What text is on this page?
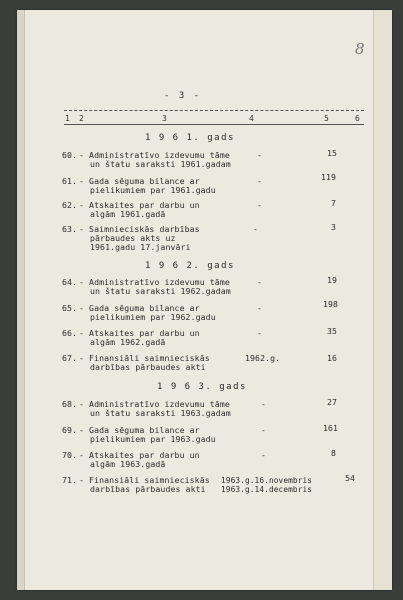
8
- 3 -
1 2	3	4	5	6
1 9 6 1. gads
60. - Administratīvo izdevumu tāme
un štatu saraksti 1961.gadam
-	15
61. - Gada sēguma bilance ar
pielikumiem par 1961.gadu
-	119
62. - Atskaites par darbu un
algām 1961.gadā
-	7
63. - Saimnieciskās darbības
pārbaudes akts uz
1961.gadu 17.janvāri
-	3
1 9 6 2. gads
64. - Administratīvo izdevumu tāme
un štatu saraksti 1962.gadam
-	19
65. - Gada sēguma bilance ar
pielikumiem par 1962.gadu
-	198
66. - Atskaites par darbu un
algām 1962.gadā
-	35
67. - Finansiāli saimnieciskās
darbības pārbaudes akti
1962.g.	16
1 9 6 3. gads
68. - Administratīvo izdevumu tāme
un štatu saraksti 1963.gadam
-	27
69. - Gada sēguma bilance ar
pielikumiem par 1963.gadu
-	161
70. - Atskaites par darbu un
algām 1963.gadā
-	8
71. - Finansiāli saimnieciskās
darbības pārbaudes akti
1963.g.16.novembris
1963.g.14.decembris
54
